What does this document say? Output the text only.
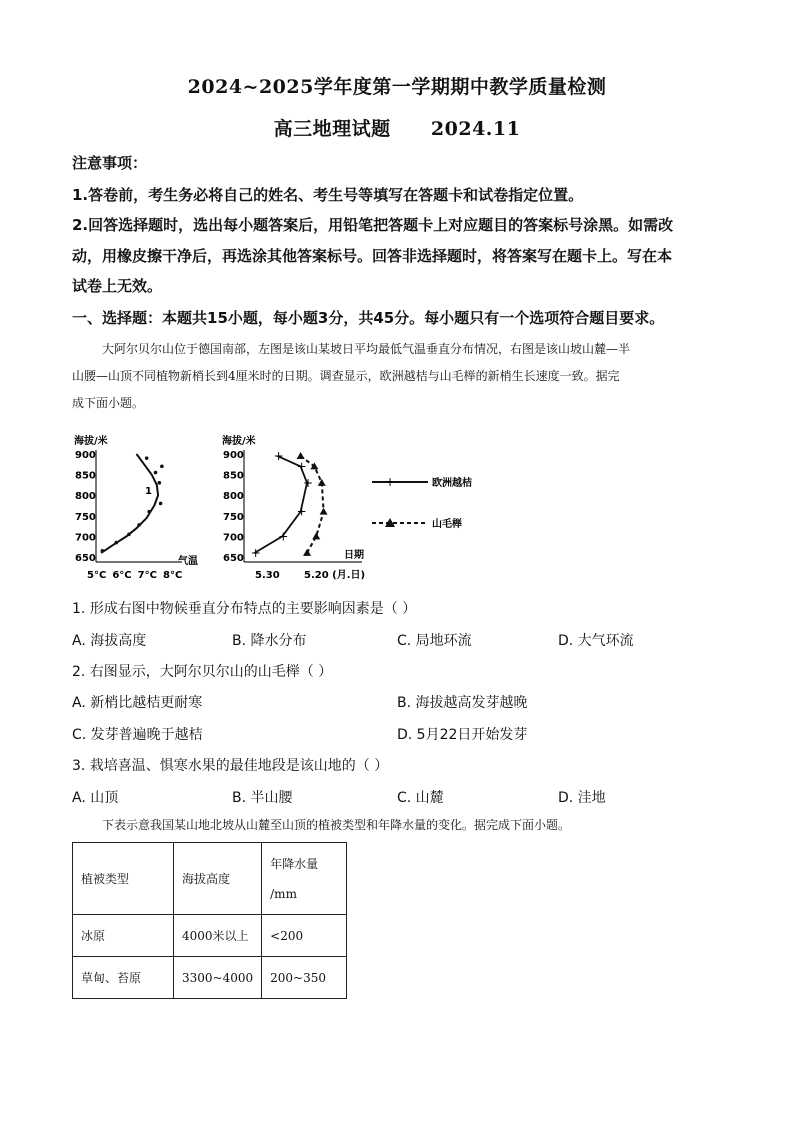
2024~2025学年度第一学期期中教学质量检测
高三地理试题 2024.11
注意事项：
1.答卷前，考生务必将自己的姓名、考生号等填写在答题卡和试卷指定位置。
2.回答选择题时，选出每小题答案后，用铅笔把答题卡上对应题目的答案标号涂黑。如需改
动，用橡皮擦干净后，再选涂其他答案标号。回答非选择题时，将答案写在题卡上。写在本
试卷上无效。
一、选择题：本题共15小题，每小题3分，共45分。每小题只有一个选项符合题目要求。
大阿尔贝尔山位于德国南部，左图是该山某坡日平均最低气温垂直分布情况，右图是该山坡山麓—半
山腰—山顶不同植物新梢长到4厘米时的日期。调查显示，欧洲越桔与山毛榉的新梢生长速度一致。据完
成下面小题。
海拔/米
气温
1
900
850
800
750
700
650
5°C 6°C 7°C 8°C
海拔/米
日期
900
850
800
750
700
650
5.30 5.20 (月.日)
+
+
+
+
+
+
+	欧洲越桔
山毛榉
1. 形成右图中物候垂直分布特点的主要影响因素是（ ）
A. 海拔高度	B. 降水分布	C. 局地环流	D. 大气环流
2. 右图显示，大阿尔贝尔山的山毛榉（ ）
A. 新梢比越桔更耐寒	B. 海拔越高发芽越晚
C. 发芽普遍晚于越桔	D. 5月22日开始发芽
3. 栽培喜温、惧寒水果的最佳地段是该山地的（ ）
A. 山顶	B. 半山腰	C. 山麓	D. 洼地
下表示意我国某山地北坡从山麓至山顶的植被类型和年降水量的变化。据完成下面小题。
植被类型	海拔高度	年降水量
/mm

冰原	4000米以上	<200
草甸、苔原	3300~4000	200~350
